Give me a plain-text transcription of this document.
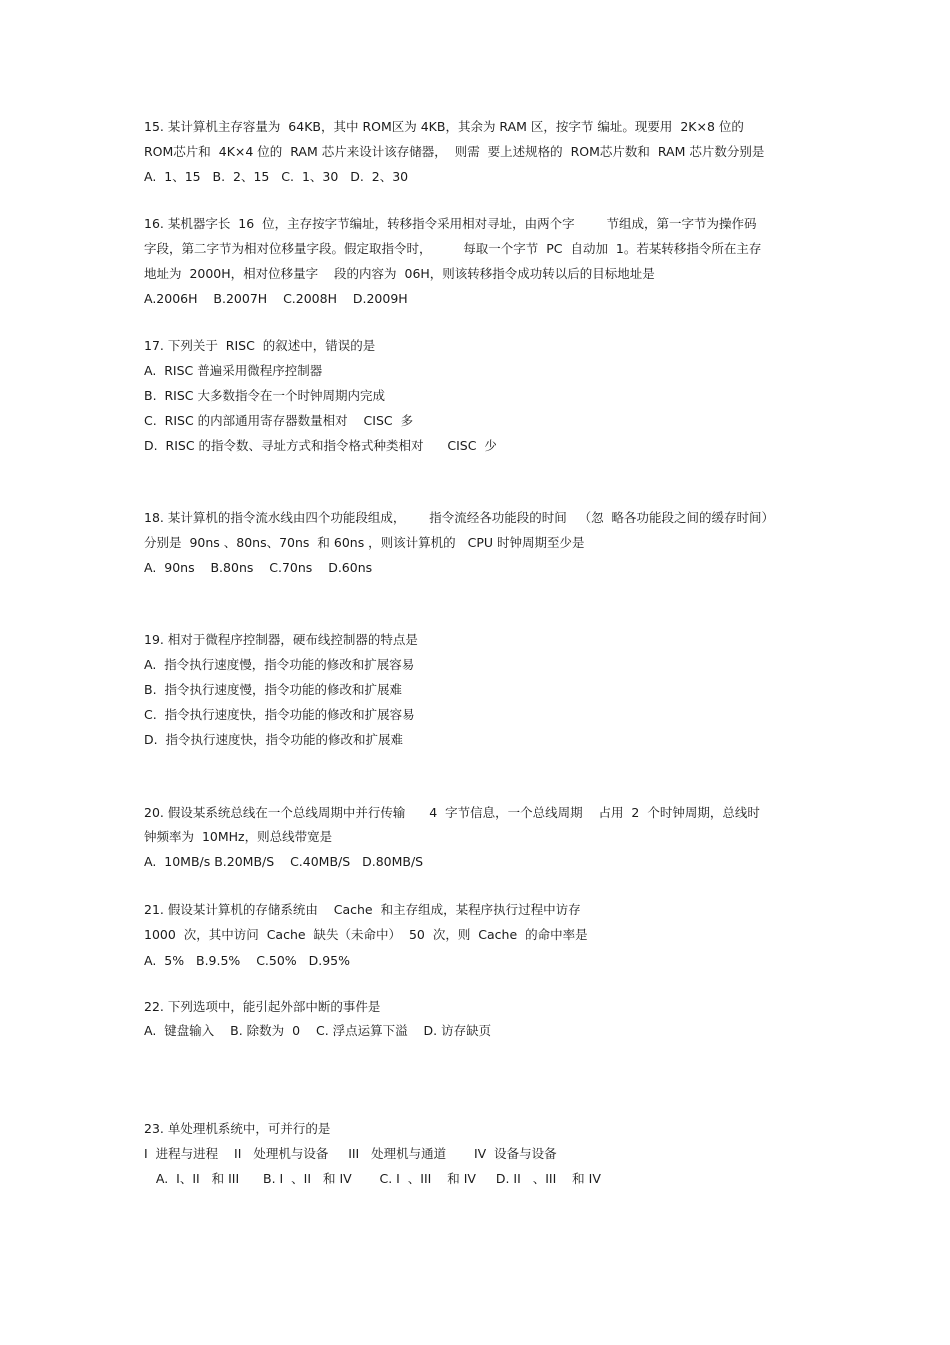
15. 某计算机主存容量为  64KB，其中 ROM区为 4KB，其余为 RAM 区，按字节 编址。现要用  2K×8 位的
ROM芯片和  4K×4 位的  RAM 芯片来设计该存储器，  则需  要上述规格的  ROM芯片数和  RAM 芯片数分别是
A.  1、15   B.  2、15   C.  1、30   D.  2、30
16. 某机器字长  16  位，主存按字节编址，转移指令采用相对寻址，由两个字        节组成，第一字节为操作码
字段，第二字节为相对位移量字段。假定取指令时，        每取一个字节  PC  自动加  1。若某转移指令所在主存
地址为  2000H，相对位移量字    段的内容为  06H，则该转移指令成功转以后的目标地址是
A.2006H    B.2007H    C.2008H    D.2009H
17. 下列关于  RISC  的叙述中，错误的是
A.  RISC 普遍采用微程序控制器
B.  RISC 大多数指令在一个时钟周期内完成
C.  RISC 的内部通用寄存器数量相对    CISC  多
D.  RISC 的指令数、寻址方式和指令格式种类相对      CISC  少
18. 某计算机的指令流水线由四个功能段组成，      指令流经各功能段的时间   （忽  略各功能段之间的缓存时间）
分别是  90ns 、80ns、70ns  和 60ns ，则该计算机的   CPU 时钟周期至少是
A.  90ns    B.80ns    C.70ns    D.60ns
19. 相对于微程序控制器，硬布线控制器的特点是
A.  指令执行速度慢，指令功能的修改和扩展容易
B.  指令执行速度慢，指令功能的修改和扩展难
C.  指令执行速度快，指令功能的修改和扩展容易
D.  指令执行速度快，指令功能的修改和扩展难
20. 假设某系统总线在一个总线周期中并行传输      4  字节信息，一个总线周期    占用  2  个时钟周期，总线时
钟频率为  10MHz，则总线带宽是
A.  10MB/s B.20MB/S    C.40MB/S   D.80MB/S
21. 假设某计算机的存储系统由    Cache  和主存组成，某程序执行过程中访存
1000  次，其中访问  Cache  缺失（未命中）  50  次，则  Cache  的命中率是
A.  5%   B.9.5%    C.50%   D.95%
22. 下列选项中，能引起外部中断的事件是
A.  键盘输入    B. 除数为  0    C. 浮点运算下溢    D. 访存缺页
23. 单处理机系统中，可并行的是
I  进程与进程    II   处理机与设备     III   处理机与通道       IV  设备与设备
A.  I、II   和 III      B. I  、II   和 IV       C. I  、III    和 IV     D. II   、III    和 IV
